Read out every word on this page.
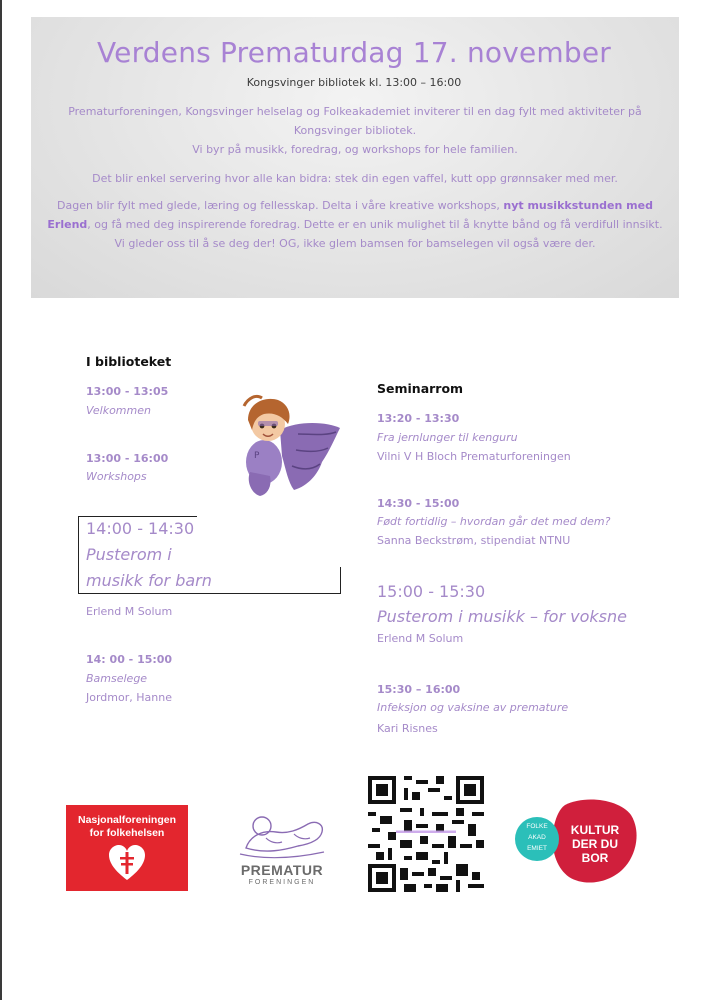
Verdens Prematurdag 17. november
Kongsvinger bibliotek kl. 13:00 – 16:00
Prematurforeningen, Kongsvinger helselag og Folkeakademiet inviterer til en dag fylt med aktiviteter på
Kongsvinger bibliotek.
Vi byr på musikk, foredrag, og workshops for hele familien.
Det blir enkel servering hvor alle kan bidra: stek din egen vaffel, kutt opp grønnsaker med mer.
Dagen blir fylt med glede, læring og fellesskap. Delta i våre kreative workshops, nyt musikkstunden med Erlend, og få med deg inspirerende foredrag. Dette er en unik mulighet til å knytte bånd og få verdifull innsikt. Vi gleder oss til å se deg der! OG, ikke glem bamsen for bamselegen vil også være der.
I biblioteket
13:00 - 13:05
Velkommen
13:00 - 16:00
Workshops
14:00 - 14:30
Pusterom i
musikk for barn
Erlend M Solum
14: 00 - 15:00
Bamselege
Jordmor, Hanne
P
Seminarrom
13:20 - 13:30
Fra jernlunger til kenguru
Vilni V H Bloch Prematurforeningen
14:30 - 15:00
Født fortidlig – hvordan går det med dem?
Sanna Beckstrøm, stipendiat NTNU
15:00 - 15:30
Pusterom i musikk – for voksne
Erlend M Solum
15:30 – 16:00
Infeksjon og vaksine av premature
Kari Risnes
Nasjonalforeningen
for folkehelsen
PREMATUR
FORENINGEN
FOLKE
AKAD
EMIET
KULTUR
DER DU
BOR
